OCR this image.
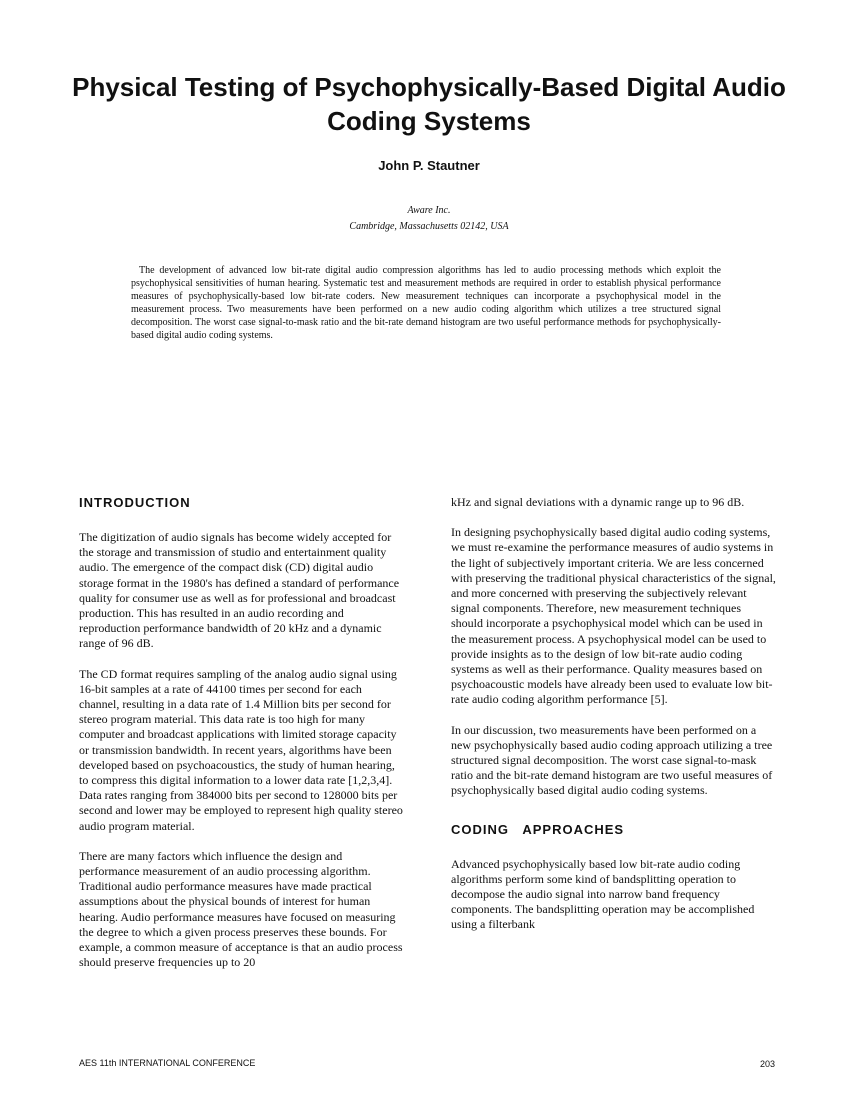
Physical Testing of Psychophysically-Based Digital Audio Coding Systems
John P. Stautner
Aware Inc.
Cambridge, Massachusetts 02142, USA

The development of advanced low bit-rate digital audio compression algorithms has led to audio processing methods which exploit the psychophysical sensitivities of human hearing. Systematic test and measurement methods are required in order to establish physical performance measures of psychophysically-based low bit-rate coders. New measurement techniques can incorporate a psychophysical model in the measurement process. Two measurements have been performed on a new audio coding algorithm which utilizes a tree structured signal decomposition. The worst case signal-to-mask ratio and the bit-rate demand histogram are two useful performance methods for psychophysically-based digital audio coding systems.

INTRODUCTION

The digitization of audio signals has become widely accepted for the storage and transmission of studio and entertainment quality audio. The emergence of the compact disk (CD) digital audio storage format in the 1980's has defined a standard of performance quality for consumer use as well as for professional and broadcast production. This has resulted in an audio recording and reproduction performance bandwidth of 20 kHz and a dynamic range of 96 dB.

The CD format requires sampling of the analog audio signal using 16-bit samples at a rate of 44100 times per second for each channel, resulting in a data rate of 1.4 Million bits per second for stereo program material. This data rate is too high for many computer and broadcast applications with limited storage capacity or transmission bandwidth. In recent years, algorithms have been developed based on psychoacoustics, the study of human hearing, to compress this digital information to a lower data rate [1,2,3,4]. Data rates ranging from 384000 bits per second to 128000 bits per second and lower may be employed to represent high quality stereo audio program material.

There are many factors which influence the design and performance measurement of an audio processing algorithm. Traditional audio performance measures have made practical assumptions about the physical bounds of interest for human hearing. Audio performance measures have focused on measuring the degree to which a given process preserves these bounds. For example, a common measure of acceptance is that an audio process should preserve frequencies up to 20

kHz and signal deviations with a dynamic range up to 96 dB.

In designing psychophysically based digital audio coding systems, we must re-examine the performance measures of audio systems in the light of subjectively important criteria. We are less concerned with preserving the traditional physical characteristics of the signal, and more concerned with preserving the subjectively relevant signal components. Therefore, new measurement techniques should incorporate a psychophysical model which can be used in the measurement process. A psychophysical model can be used to provide insights as to the design of low bit-rate audio coding systems as well as their performance. Quality measures based on psychoacoustic models have already been used to evaluate low bit-rate audio coding algorithm performance [5].

In our discussion, two measurements have been performed on a new psychophysically based audio coding approach utilizing a tree structured signal decomposition. The worst case signal-to-mask ratio and the bit-rate demand histogram are two useful measures of psychophysically based digital audio coding systems.

CODING   APPROACHES

Advanced psychophysically based low bit-rate audio coding algorithms perform some kind of bandsplitting operation to decompose the audio signal into narrow band frequency components. The bandsplitting operation may be accomplished using a filterbank

AES 11th INTERNATIONAL CONFERENCE	203
